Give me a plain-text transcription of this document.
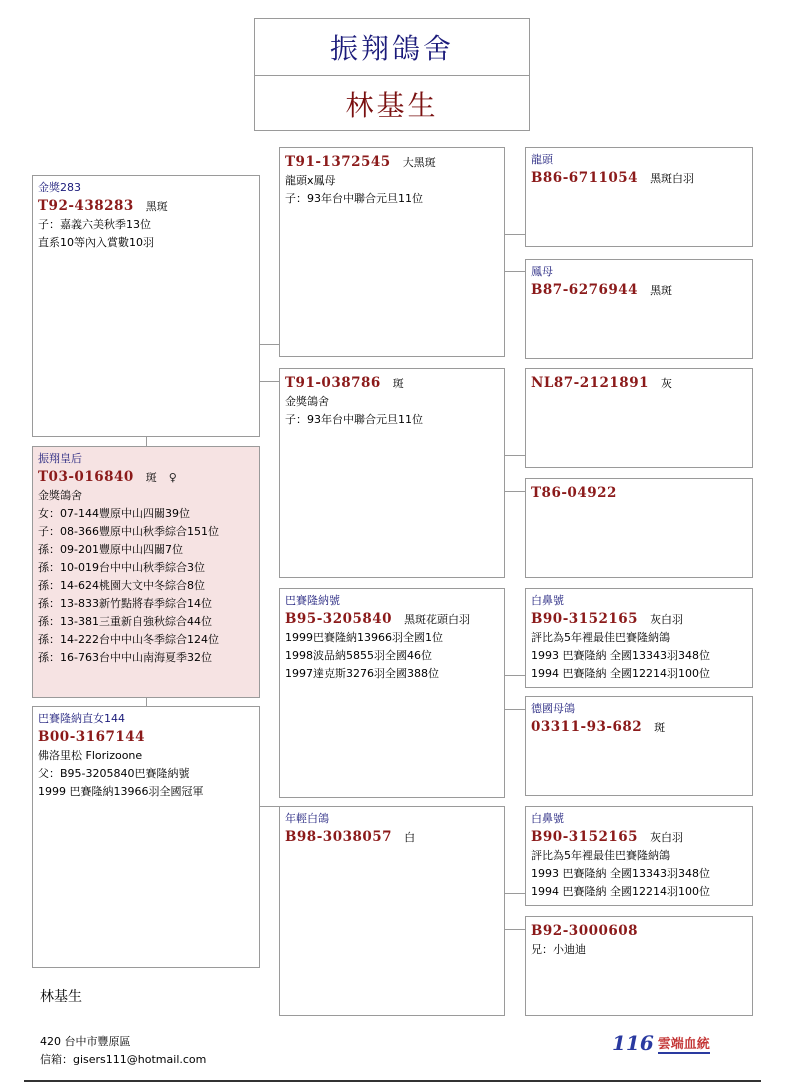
振翔鴿舍
林基生
金獎283
T92-438283 黑斑
子：嘉義六美秋季13位
直系10等內入賞數10羽
振翔皇后
T03-016840 斑 ♀
金獎鴿舍
女：07-144豐原中山四關39位
子：08-366豐原中山秋季綜合151位
孫：09-201豐原中山四關7位
孫：10-019台中中山秋季綜合3位
孫：14-624桃園大文中冬綜合8位
孫：13-833新竹點將春季綜合14位
孫：13-381三重新自強秋綜合44位
孫：14-222台中中山冬季綜合124位
孫：16-763台中中山南海夏季32位
巴賽隆納直女144
B00-3167144
佛洛里松 Florizoone
父：B95-3205840巴賽隆納號
1999 巴賽隆納13966羽全國冠軍
T91-1372545 大黑斑
龍頭x鳳母
子：93年台中聯合元旦11位
T91-038786 斑
金獎鴿舍
子：93年台中聯合元旦11位
巴賽隆納號
B95-3205840 黑斑花頭白羽
1999巴賽隆納13966羽全國1位
1998波品納5855羽全國46位
1997達克斯3276羽全國388位
年輕白鴿
B98-3038057 白
龍頭
B86-6711054 黑斑白羽
鳳母
B87-6276944 黑斑
NL87-2121891 灰
T86-04922
白鼻號
B90-3152165 灰白羽
評比為5年裡最佳巴賽隆納鴿
1993 巴賽隆納 全國13343羽348位
1994 巴賽隆納 全國12214羽100位
德國母鴿
03311-93-682 斑
白鼻號
B90-3152165 灰白羽
評比為5年裡最佳巴賽隆納鴿
1993 巴賽隆納 全國13343羽348位
1994 巴賽隆納 全國12214羽100位
B92-3000608
兄：小迪迪
林基生
420 台中市豐原區
信箱：gisers111@hotmail.com
116 雲端血統
